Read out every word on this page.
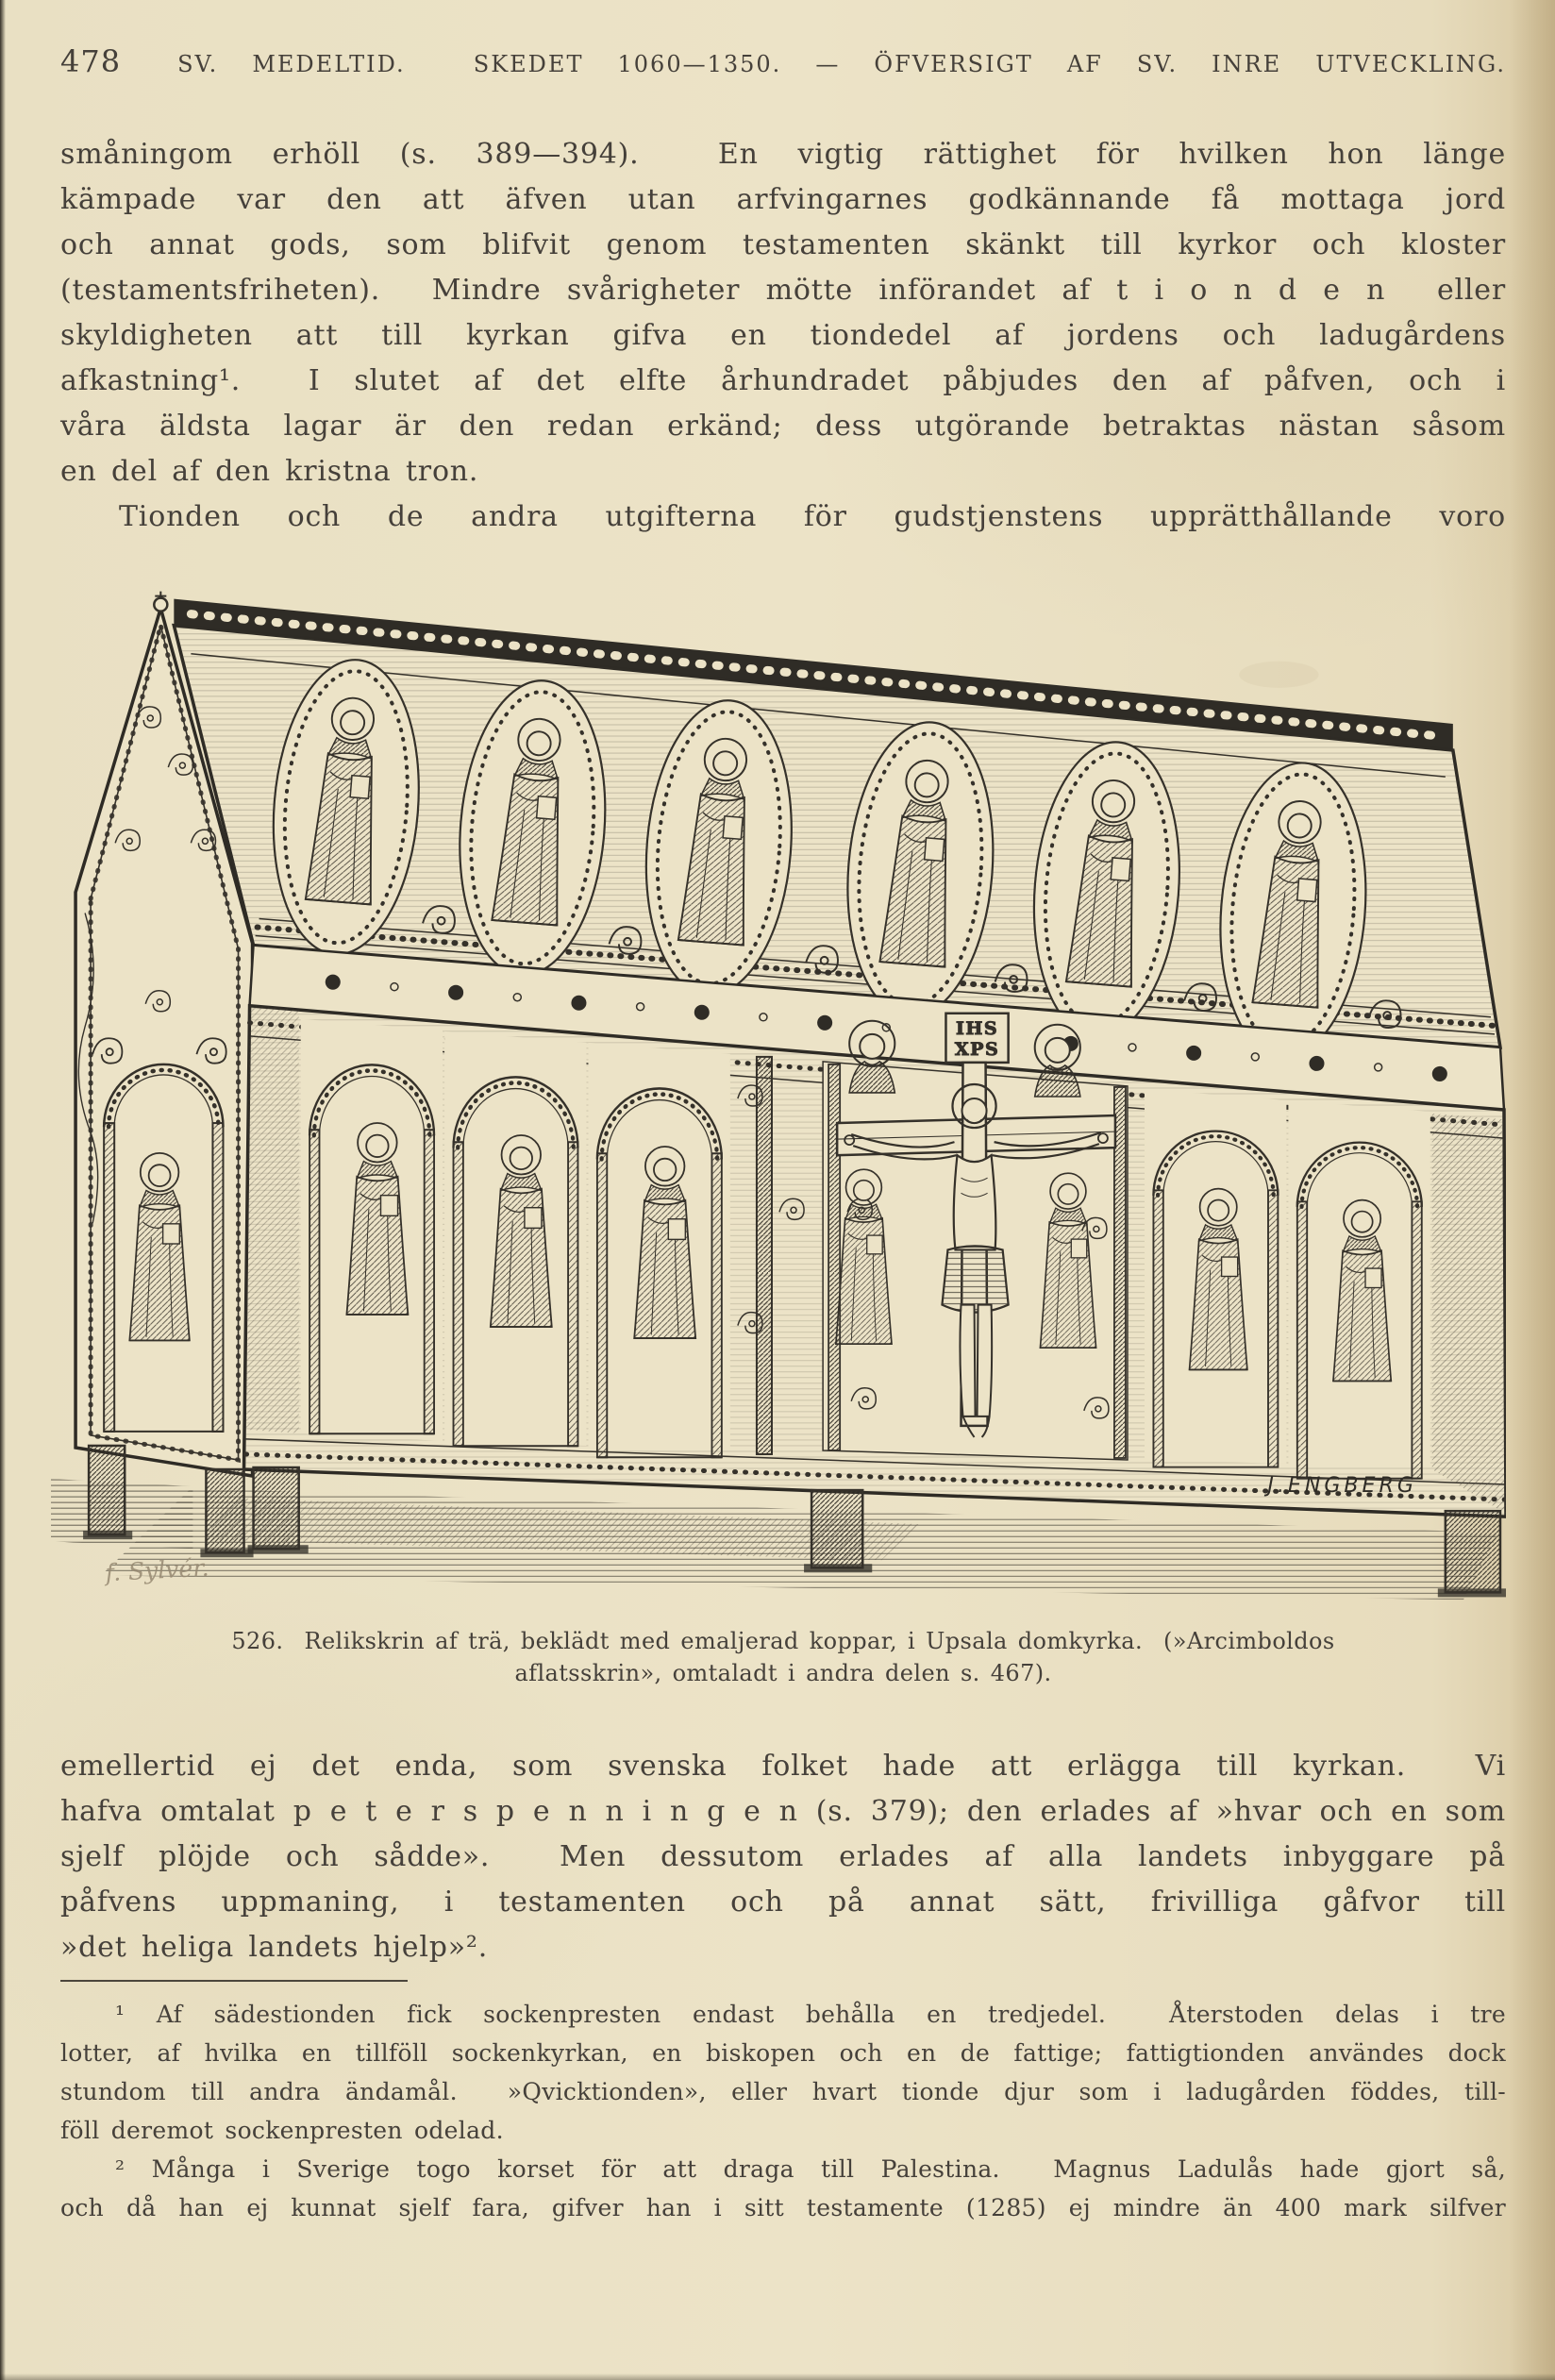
478	SV. MEDELTID.  SKEDET 1060—1350. — ÖFVERSIGT AF SV. INRE UTVECKLING.
småningom erhöll (s. 389—394).  En vigtig rättighet för hvilken hon länge
kämpade var den att äfven utan arfvingarnes godkännande få mottaga jord
och annat gods, som blifvit genom testamenten skänkt till kyrkor och kloster
(testamentsfriheten).  Mindre svårigheter mötte införandet af t i o n d e n  eller
skyldigheten att till kyrkan gifva en tiondedel af jordens och ladugårdens
afkastning¹.  I slutet af det elfte århundradet påbjudes den af påfven, och i
våra äldsta lagar är den redan erkänd; dess utgörande betraktas nästan såsom
en del af den kristna tron.
Tionden och de andra utgifterna för gudstjenstens upprätthållande voro
IHS
XPS
J.ENGBERG
f. Sylvér.
526.  Relikskrin af trä, beklädt med emaljerad koppar, i Upsala domkyrka.  (»Arcimboldos
aflatsskrin», omtaladt i andra delen s. 467).
emellertid ej det enda, som svenska folket hade att erlägga till kyrkan.  Vi
hafva omtalat p e t e r s p e n n i n g e n (s. 379); den erlades af »hvar och en som
sjelf plöjde och sådde».  Men dessutom erlades af alla landets inbyggare på
påfvens uppmaning, i testamenten och på annat sätt, frivilliga gåfvor till
»det heliga landets hjelp»².
¹ Af sädestionden fick sockenpresten endast behålla en tredjedel.  Återstoden delas i tre
lotter, af hvilka en tillföll sockenkyrkan, en biskopen och en de fattige; fattigtionden användes dock
stundom till andra ändamål.  »Qvicktionden», eller hvart tionde djur som i ladugården föddes, till-
föll deremot sockenpresten odelad.
² Många i Sverige togo korset för att draga till Palestina.  Magnus Ladulås hade gjort så,
och då han ej kunnat sjelf fara, gifver han i sitt testamente (1285) ej mindre än 400 mark silfver
